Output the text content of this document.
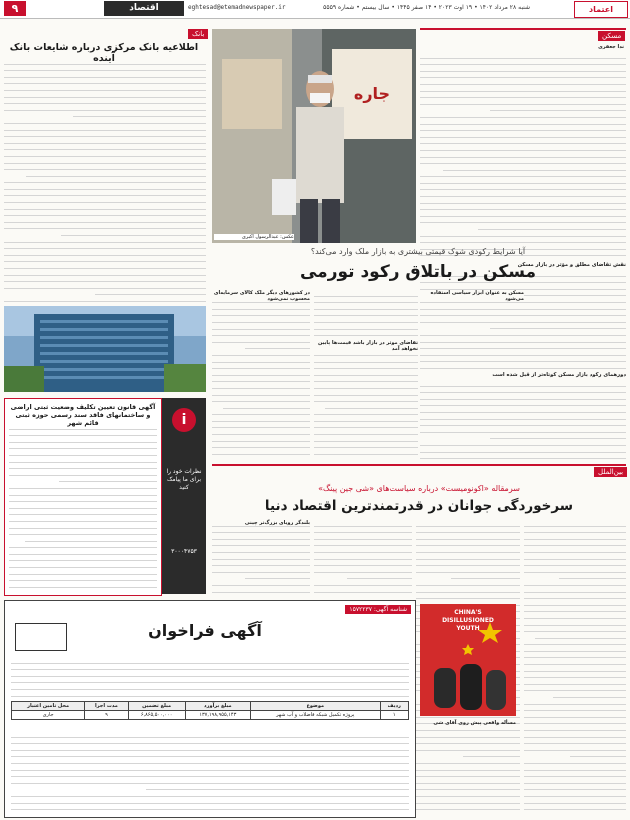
۹	اقتصاد	eghtesad@etemadnewspaper.ir	شنبه ۲۸ مرداد ۱۴۰۲ • ۱۹ اوت ۲۰۲۳ • ۱۴ صفر ۱۴۴۵ • سال بیستم • شماره ۵۵۵۹	اعتماد
بانک
اطلاعیه بانک مرکزی درباره شایعات بانک آینده
آگهی قانون تعیین تکلیف وضعیت ثبتی اراضی و ساختمانهای فاقد سند رسمی حوزه ثبتی قائم شهر	i
نظرات خود را برای ما پیامک کنید
۳۰۰۰۴۷۵۳
شناسه آگهی: ۱۵۷۲۲۳۷
آگهی فراخوان
ردیف	موضوع	مبلغ برآورد	مبلغ تضمین	مدت اجرا	محل تامین اعتبار
۱	پروژه تکمیل شبکه فاضلاب و آب شهر	۱۳۷,۱۹۸,۹۵۵,۱۴۳	۶,۸۶۵,۵۰۰,۰۰۰	۹	جاری
جاره
عکس: عبدالرسول اکبری
مسکن
ندا جعفری
نقش تقاضای مطلق و مؤثر در بازار مسکن
دورهمای رکود بازار مسکن کوتاه‌تر از قبل شده است
آیا شرایط رکودی شوک قیمتی بیشتری به بازار ملک وارد می‌کند؟
مسکن در باتلاق رکود تورمی
در کشورهای دیگر ملک کالای سرمایه‌ای محسوب نمی‌شود
تقاضای موثر در بازار باشد قیمت‌ها پایین نخواهد آمد
مسکن به عنوان ابزار سیاسی استفاده می‌شود
بین‌الملل
سرمقاله «اکونومیست» درباره سیاست‌های «شی جین پینگ»
سرخوردگی جوانان در قدرتمندترین اقتصاد دنیا
بلندگر رویای بزرگ‌تر چینی
CHINA'S
DISILLUSIONED
YOUTH
مسأله واقعی پیش روی آقای شی
